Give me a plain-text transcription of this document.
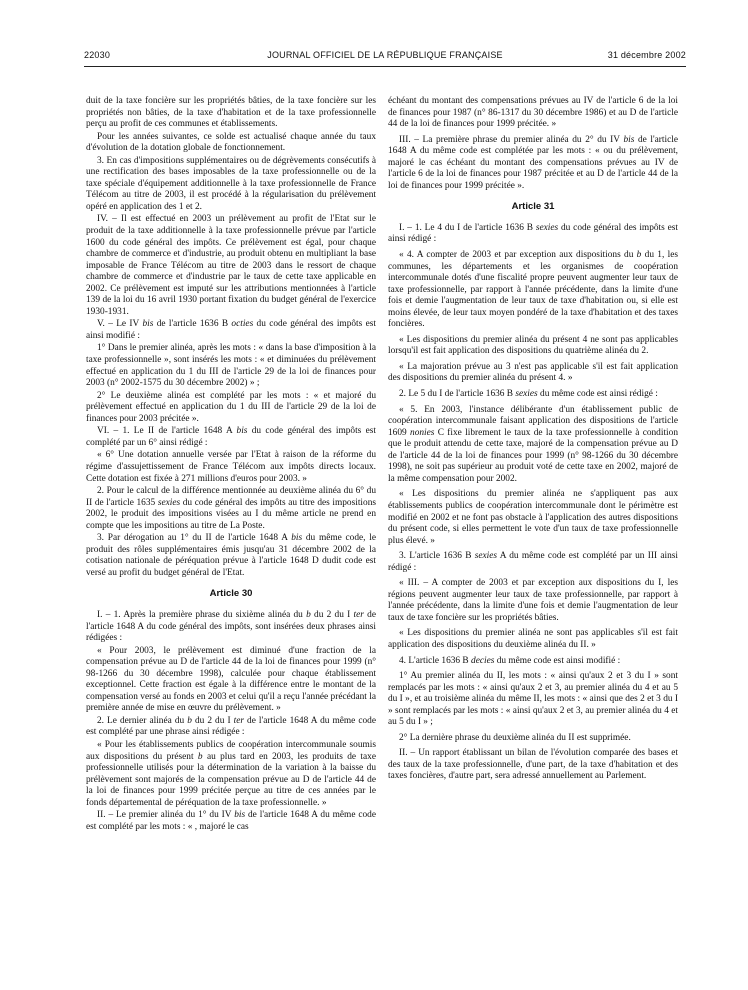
22030	JOURNAL OFFICIEL DE LA RÉPUBLIQUE FRANÇAISE	31 décembre 2002

duit de la taxe foncière sur les propriétés bâties, de la taxe foncière sur les propriétés non bâties, de la taxe d'habitation et de la taxe professionnelle perçu au profit de ces communes et établissements.

Pour les années suivantes, ce solde est actualisé chaque année du taux d'évolution de la dotation globale de fonctionnement.

3. En cas d'impositions supplémentaires ou de dégrèvements consécutifs à une rectification des bases imposables de la taxe professionnelle ou de la taxe spéciale d'équipement additionnelle à la taxe professionnelle de France Télécom au titre de 2003, il est procédé à la régularisation du prélèvement opéré en application des 1 et 2.

IV. – Il est effectué en 2003 un prélèvement au profit de l'Etat sur le produit de la taxe additionnelle à la taxe professionnelle prévue par l'article 1600 du code général des impôts. Ce prélèvement est égal, pour chaque chambre de commerce et d'industrie, au produit obtenu en multipliant la base imposable de France Télécom au titre de 2003 dans le ressort de chaque chambre de commerce et d'industrie par le taux de cette taxe applicable en 2002. Ce prélèvement est imputé sur les attributions mentionnées à l'article 139 de la loi du 16 avril 1930 portant fixation du budget général de l'exercice 1930-1931.

V. – Le IV bis de l'article 1636 B octies du code général des impôts est ainsi modifié :

1° Dans le premier alinéa, après les mots : « dans la base d'imposition à la taxe professionnelle », sont insérés les mots : « et diminuées du prélèvement effectué en application du 1 du III de l'article 29 de la loi de finances pour 2003 (n° 2002-1575 du 30 décembre 2002) » ;

2° Le deuxième alinéa est complété par les mots : « et majoré du prélèvement effectué en application du 1 du III de l'article 29 de la loi de finances pour 2003 précitée ».

VI. – 1. Le II de l'article 1648 A bis du code général des impôts est complété par un 6° ainsi rédigé :

« 6° Une dotation annuelle versée par l'Etat à raison de la réforme du régime d'assujettissement de France Télécom aux impôts directs locaux. Cette dotation est fixée à 271 millions d'euros pour 2003. »

2. Pour le calcul de la différence mentionnée au deuxième alinéa du 6° du II de l'article 1635 sexies du code général des impôts au titre des impositions 2002, le produit des impositions visées au I du même article ne prend en compte que les impositions au titre de La Poste.

3. Par dérogation au 1° du II de l'article 1648 A bis du même code, le produit des rôles supplémentaires émis jusqu'au 31 décembre 2002 de la cotisation nationale de péréquation prévue à l'article 1648 D dudit code est versé au profit du budget général de l'Etat.

Article 30

I. – 1. Après la première phrase du sixième alinéa du b du 2 du I ter de l'article 1648 A du code général des impôts, sont insérées deux phrases ainsi rédigées :

« Pour 2003, le prélèvement est diminué d'une fraction de la compensation prévue au D de l'article 44 de la loi de finances pour 1999 (n° 98-1266 du 30 décembre 1998), calculée pour chaque établissement exceptionnel. Cette fraction est égale à la différence entre le montant de la compensation versé au fonds en 2003 et celui qu'il a reçu l'année précédant la première année de mise en œuvre du prélèvement. »

2. Le dernier alinéa du b du 2 du I ter de l'article 1648 A du même code est complété par une phrase ainsi rédigée :

« Pour les établissements publics de coopération intercommunale soumis aux dispositions du présent b au plus tard en 2003, les produits de taxe professionnelle utilisés pour la détermination de la variation à la baisse du prélèvement sont majorés de la compensation prévue au D de l'article 44 de la loi de finances pour 1999 précitée perçue au titre de ces années par le fonds départemental de péréquation de la taxe professionnelle. »

II. – Le premier alinéa du 1° du IV bis de l'article 1648 A du même code est complété par les mots : « , majoré le cas

échéant du montant des compensations prévues au IV de l'article 6 de la loi de finances pour 1987 (n° 86-1317 du 30 décembre 1986) et au D de l'article 44 de la loi de finances pour 1999 précitée. »

III. – La première phrase du premier alinéa du 2° du IV bis de l'article 1648 A du même code est complétée par les mots : « ou du prélèvement, majoré le cas échéant du montant des compensations prévues au IV de l'article 6 de la loi de finances pour 1987 précitée et au D de l'article 44 de la loi de finances pour 1999 précitée ».

Article 31

I. – 1. Le 4 du I de l'article 1636 B sexies du code général des impôts est ainsi rédigé :

« 4. A compter de 2003 et par exception aux dispositions du b du 1, les communes, les départements et les organismes de coopération intercommunale dotés d'une fiscalité propre peuvent augmenter leur taux de taxe professionnelle, par rapport à l'année précédente, dans la limite d'une fois et demie l'augmentation de leur taux de taxe d'habitation ou, si elle est moins élevée, de leur taux moyen pondéré de la taxe d'habitation et des taxes foncières.

« Les dispositions du premier alinéa du présent 4 ne sont pas applicables lorsqu'il est fait application des dispositions du quatrième alinéa du 2.

« La majoration prévue au 3 n'est pas applicable s'il est fait application des dispositions du premier alinéa du présent 4. »

2. Le 5 du I de l'article 1636 B sexies du même code est ainsi rédigé :

« 5. En 2003, l'instance délibérante d'un établissement public de coopération intercommunale faisant application des dispositions de l'article 1609 nonies C fixe librement le taux de la taxe professionnelle à condition que le produit attendu de cette taxe, majoré de la compensation prévue au D de l'article 44 de la loi de finances pour 1999 (n° 98-1266 du 30 décembre 1998), ne soit pas supérieur au produit voté de cette taxe en 2002, majoré de la même compensation pour 2002.

« Les dispositions du premier alinéa ne s'appliquent pas aux établissements publics de coopération intercommunale dont le périmètre est modifié en 2002 et ne font pas obstacle à l'application des autres dispositions du présent code, si elles permettent le vote d'un taux de taxe professionnelle plus élevé. »

3. L'article 1636 B sexies A du même code est complété par un III ainsi rédigé :

« III. – A compter de 2003 et par exception aux dispositions du I, les régions peuvent augmenter leur taux de taxe professionnelle, par rapport à l'année précédente, dans la limite d'une fois et demie l'augmentation de leur taux de taxe foncière sur les propriétés bâties.

« Les dispositions du premier alinéa ne sont pas applicables s'il est fait application des dispositions du deuxième alinéa du II. »

4. L'article 1636 B decies du même code est ainsi modifié :

1° Au premier alinéa du II, les mots : « ainsi qu'aux 2 et 3 du I » sont remplacés par les mots : « ainsi qu'aux 2 et 3, au premier alinéa du 4 et au 5 du I », et au troisième alinéa du même II, les mots : « ainsi que des 2 et 3 du I » sont remplacés par les mots : « ainsi qu'aux 2 et 3, au premier alinéa du 4 et au 5 du I » ;

2° La dernière phrase du deuxième alinéa du II est supprimée.

II. – Un rapport établissant un bilan de l'évolution comparée des bases et des taux de la taxe professionnelle, d'une part, de la taxe d'habitation et des taxes foncières, d'autre part, sera adressé annuellement au Parlement.
